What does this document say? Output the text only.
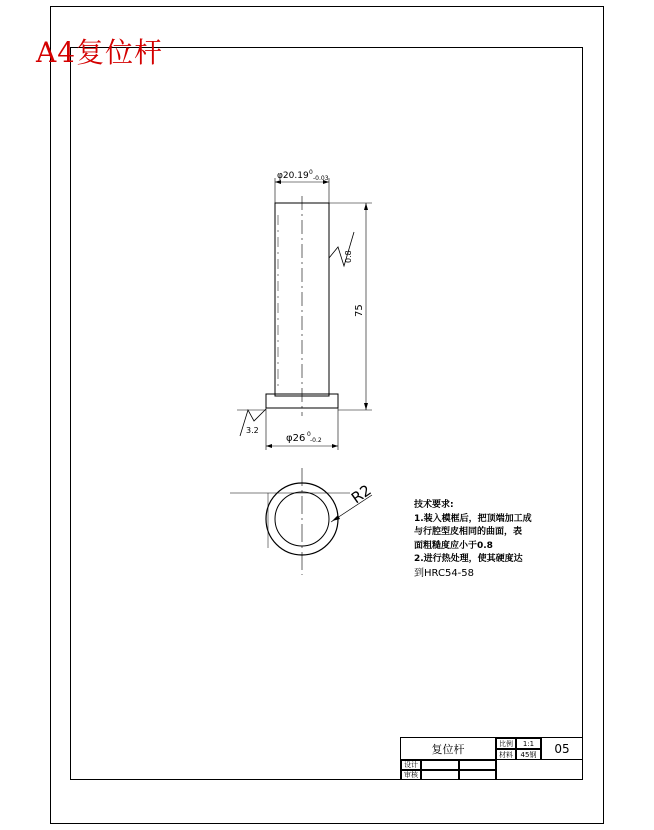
A4复位杆
φ20.19 0
-0.03
75
0.8
3.2
φ26 0
-0.2
R2	技术要求:
1.装入模框后，把顶端加工成
与行腔型皮相同的曲面，表
面粗糙度应小于0.8
2.进行热处理，使其硬度达
到HRC54-58
复位杆	比例	1:1
材料	45钢	05
设计
审核
